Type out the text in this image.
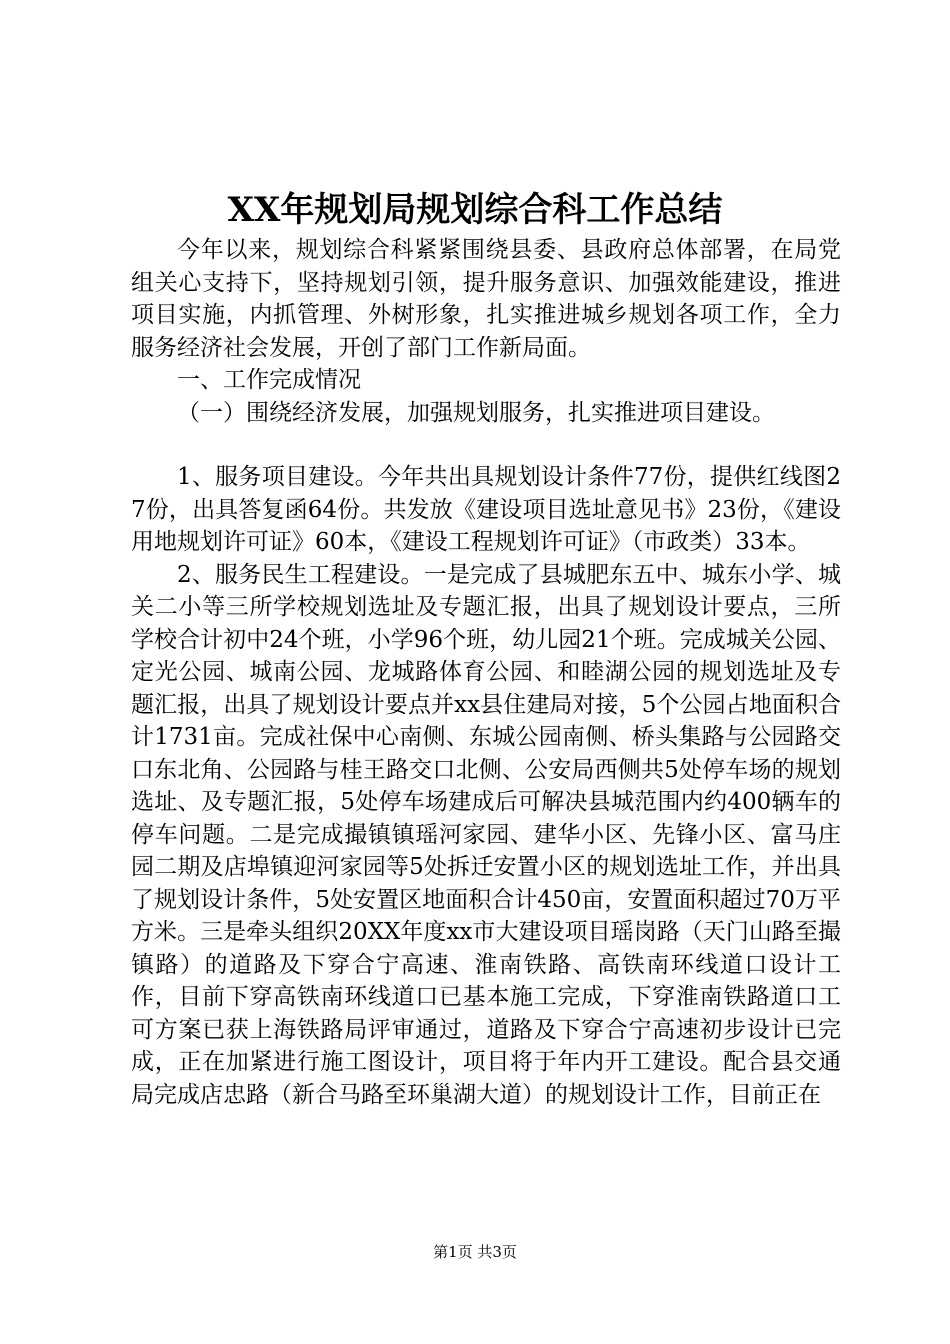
XX年规划局规划综合科工作总结

今年以来，规划综合科紧紧围绕县委、县政府总体部署，在局党组关心支持下，坚持规划引领，提升服务意识、加强效能建设，推进项目实施，内抓管理、外树形象，扎实推进城乡规划各项工作，全力服务经济社会发展，开创了部门工作新局面。

一、工作完成情况

（一）围绕经济发展，加强规划服务，扎实推进项目建设。

1、服务项目建设。今年共出具规划设计条件77份，提供红线图27份，出具答复函64份。共发放《建设项目选址意见书》23份，《建设用地规划许可证》60本，《建设工程规划许可证》（市政类）33本。

2、服务民生工程建设。一是完成了县城肥东五中、城东小学、城关二小等三所学校规划选址及专题汇报，出具了规划设计要点，三所学校合计初中24个班，小学96个班，幼儿园21个班。完成城关公园、定光公园、城南公园、龙城路体育公园、和睦湖公园的规划选址及专题汇报，出具了规划设计要点并xx县住建局对接，5个公园占地面积合计1731亩。完成社保中心南侧、东城公园南侧、桥头集路与公园路交口东北角、公园路与桂王路交口北侧、公安局西侧共5处停车场的规划选址、及专题汇报，5处停车场建成后可解决县城范围内约400辆车的停车问题。二是完成撮镇镇瑶河家园、建华小区、先锋小区、富马庄园二期及店埠镇迎河家园等5处拆迁安置小区的规划选址工作，并出具了规划设计条件，5处安置区地面积合计450亩，安置面积超过70万平方米。三是牵头组织20XX年度xx市大建设项目瑶岗路（天门山路至撮镇路）的道路及下穿合宁高速、淮南铁路、高铁南环线道口设计工作，目前下穿高铁南环线道口已基本施工完成，下穿淮南铁路道口工可方案已获上海铁路局评审通过，道路及下穿合宁高速初步设计已完成，正在加紧进行施工图设计，项目将于年内开工建设。配合县交通局完成店忠路（新合马路至环巢湖大道）的规划设计工作，目前正在

第1页 共3页
